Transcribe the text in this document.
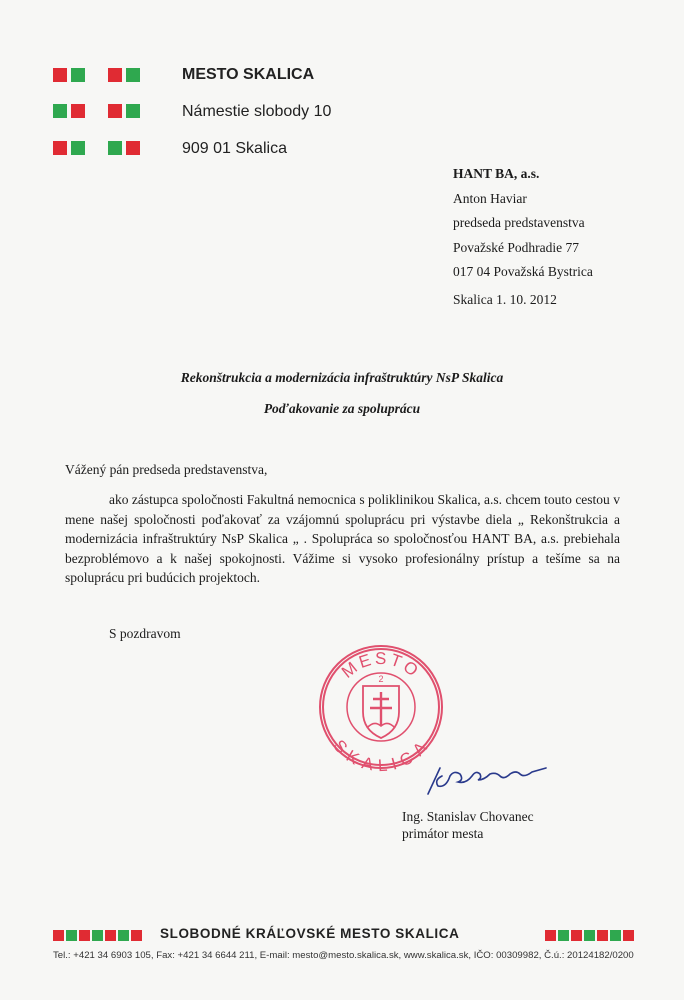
MESTO SKALICA
Námestie slobody 10
909 01 Skalica
HANT BA, a.s.
Anton Haviar
predseda predstavenstva
Považské Podhradie 77
017 04 Považská Bystrica
Skalica 1. 10. 2012
Rekonštrukcia a modernizácia infraštruktúry NsP Skalica
Poďakovanie za spoluprácu
Vážený pán predseda predstavenstva,
ako zástupca spoločnosti Fakultná nemocnica s poliklinikou Skalica, a.s. chcem touto cestou v mene našej spoločnosti poďakovať za vzájomnú spoluprácu pri výstavbe diela „ Rekonštrukcia a modernizácia infraštruktúry NsP Skalica „ . Spolupráca so spoločnosťou HANT BA, a.s. prebiehala bezproblémovo a k našej spokojnosti. Vážime si vysoko profesionálny prístup a tešíme sa na spoluprácu pri budúcich projektoch.
S pozdravom
MESTO
SKALICA
2
Ing. Stanislav Chovanec
primátor mesta
SLOBODNÉ KRÁĽOVSKÉ MESTO SKALICA
Tel.: +421 34 6903 105, Fax: +421 34 6644 211, E-mail: mesto@mesto.skalica.sk, www.skalica.sk, IČO: 00309982, Č.ú.: 20124182/0200
